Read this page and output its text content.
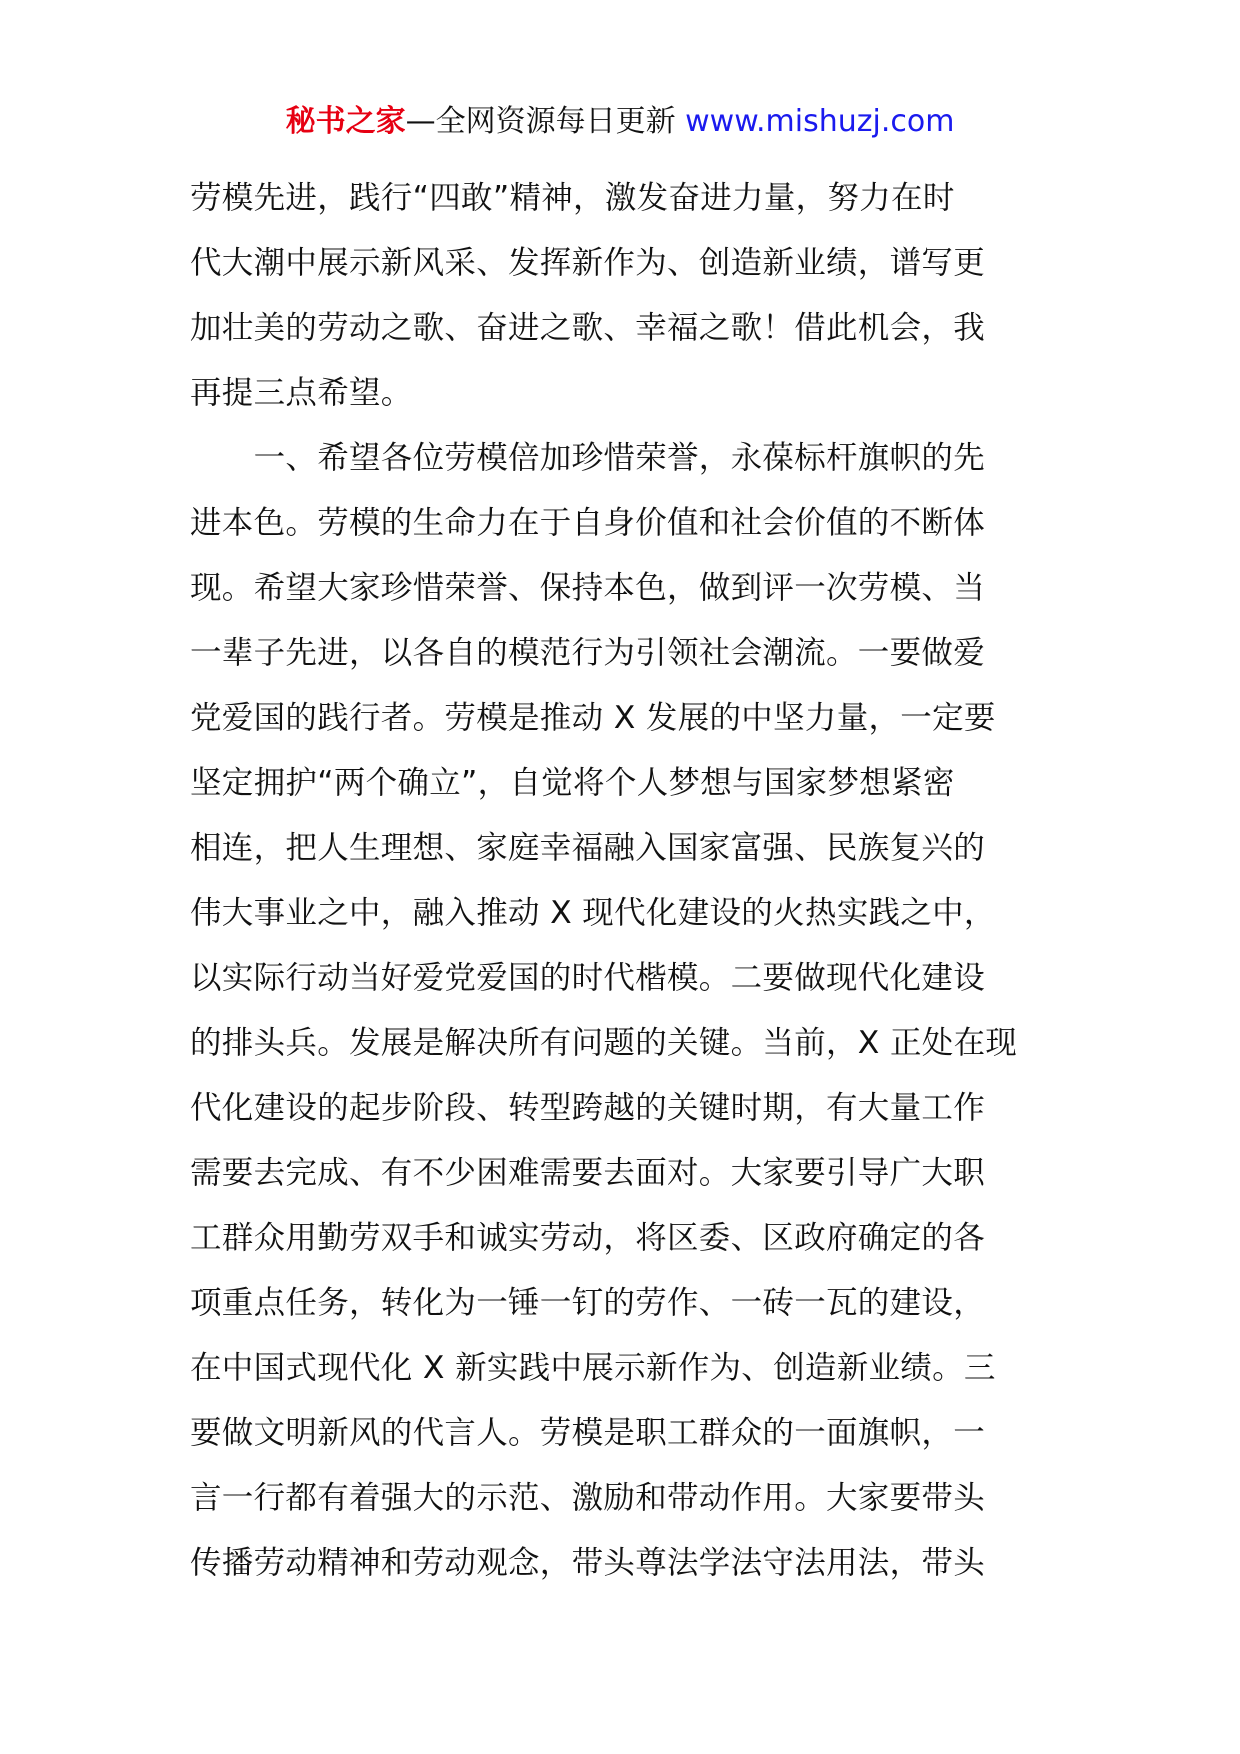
秘书之家—全网资源每日更新 www.mishuzj.com
劳模先进，践行“四敢”精神，激发奋进力量，努力在时
代大潮中展示新风采、发挥新作为、创造新业绩，谱写更
加壮美的劳动之歌、奋进之歌、幸福之歌！借此机会，我
再提三点希望。
　　一、希望各位劳模倍加珍惜荣誉，永葆标杆旗帜的先
进本色。劳模的生命力在于自身价值和社会价值的不断体
现。希望大家珍惜荣誉、保持本色，做到评一次劳模、当
一辈子先进，以各自的模范行为引领社会潮流。一要做爱
党爱国的践行者。劳模是推动 X 发展的中坚力量，一定要
坚定拥护“两个确立”，自觉将个人梦想与国家梦想紧密
相连，把人生理想、家庭幸福融入国家富强、民族复兴的
伟大事业之中，融入推动 X 现代化建设的火热实践之中，
以实际行动当好爱党爱国的时代楷模。二要做现代化建设
的排头兵。发展是解决所有问题的关键。当前，X 正处在现
代化建设的起步阶段、转型跨越的关键时期，有大量工作
需要去完成、有不少困难需要去面对。大家要引导广大职
工群众用勤劳双手和诚实劳动，将区委、区政府确定的各
项重点任务，转化为一锤一钉的劳作、一砖一瓦的建设，
在中国式现代化 X 新实践中展示新作为、创造新业绩。三
要做文明新风的代言人。劳模是职工群众的一面旗帜，一
言一行都有着强大的示范、激励和带动作用。大家要带头
传播劳动精神和劳动观念，带头尊法学法守法用法，带头
